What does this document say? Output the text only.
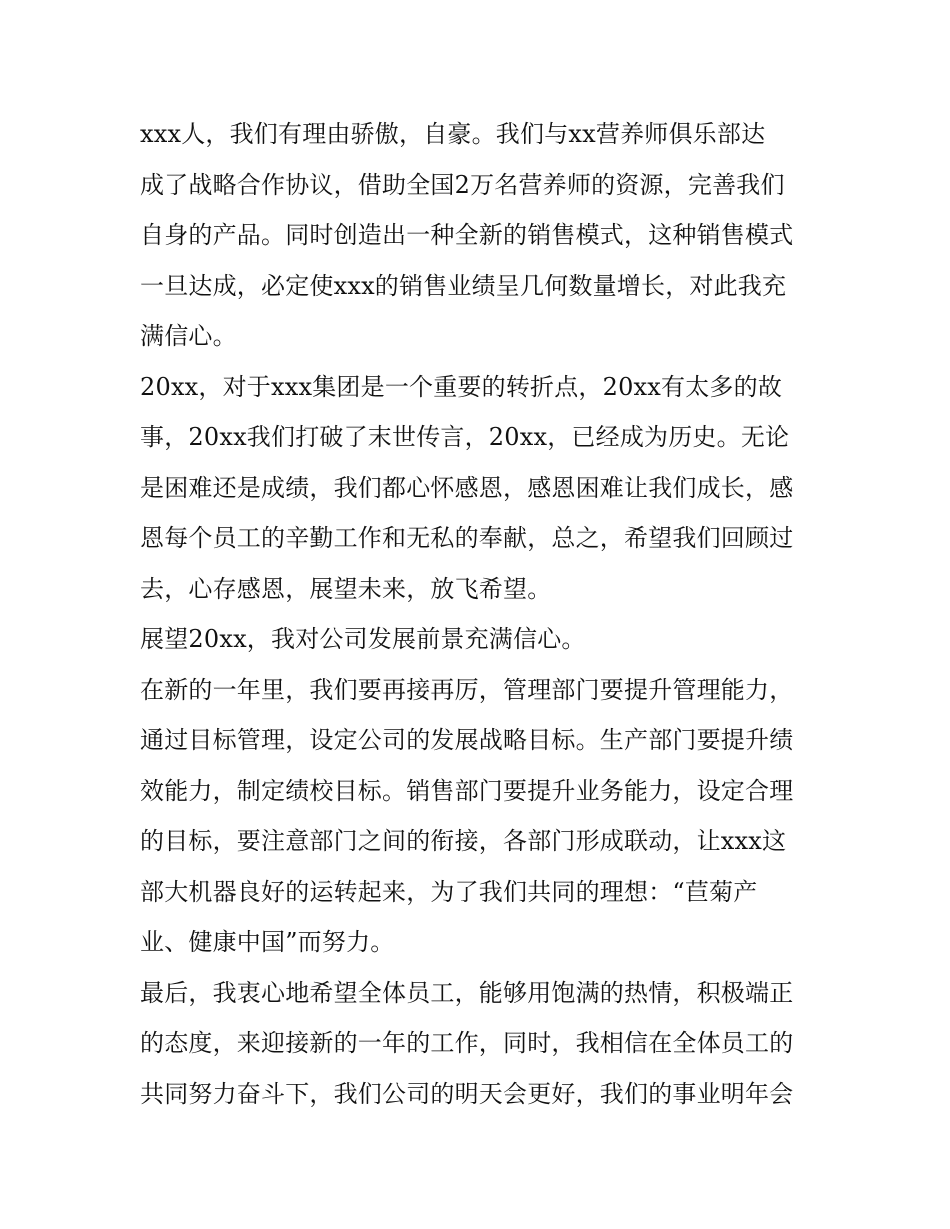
xxx人，我们有理由骄傲，自豪。我们与xx营养师俱乐部达
成了战略合作协议，借助全国2万名营养师的资源，完善我们
自身的产品。同时创造出一种全新的销售模式，这种销售模式
一旦达成，必定使xxx的销售业绩呈几何数量增长，对此我充
满信心。
20xx，对于xxx集团是一个重要的转折点，20xx有太多的故
事，20xx我们打破了末世传言，20xx，已经成为历史。无论
是困难还是成绩，我们都心怀感恩，感恩困难让我们成长，感
恩每个员工的辛勤工作和无私的奉献，总之，希望我们回顾过
去，心存感恩，展望未来，放飞希望。
展望20xx，我对公司发展前景充满信心。
在新的一年里，我们要再接再厉，管理部门要提升管理能力，
通过目标管理，设定公司的发展战略目标。生产部门要提升绩
效能力，制定绩校目标。销售部门要提升业务能力，设定合理
的目标，要注意部门之间的衔接，各部门形成联动，让xxx这
部大机器良好的运转起来，为了我们共同的理想：“苣菊产
业、健康中国”而努力。
最后，我衷心地希望全体员工，能够用饱满的热情，积极端正
的态度，来迎接新的一年的工作，同时，我相信在全体员工的
共同努力奋斗下，我们公司的明天会更好，我们的事业明年会
